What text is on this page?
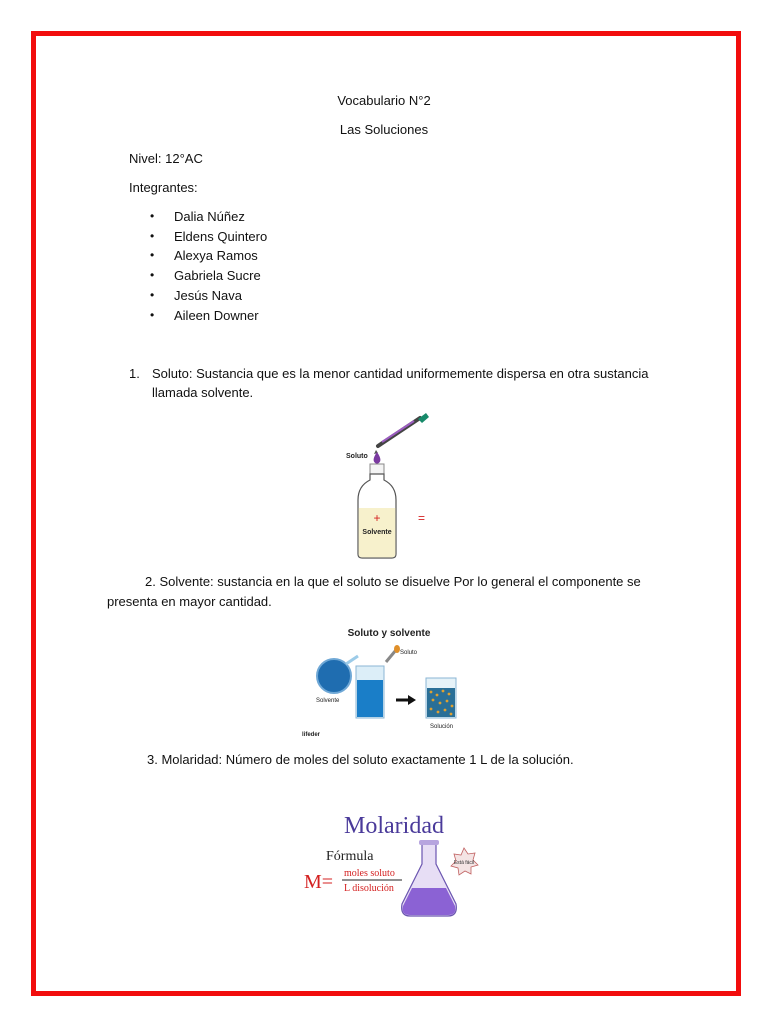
Vocabulario N°2
Las Soluciones
Nivel: 12°AC
Integrantes:
• Dalia Núñez
• Eldens Quintero
• Alexya Ramos
• Gabriela Sucre
• Jesús Nava
• Aileen Downer
1. Soluto: Sustancia que es la menor cantidad uniformemente dispersa en otra sustancia
llamada solvente.
Soluto
+
Solvente
=
2. Solvente: sustancia en la que el soluto se disuelve Por lo general el componente se
presenta en mayor cantidad.
Soluto y solvente
Solvente
Soluto
Solución
lifeder
3. Molaridad: Número de moles del soluto exactamente 1 L de la solución.
Molaridad
Fórmula
M= moles soluto
L disolución
Está fácil
